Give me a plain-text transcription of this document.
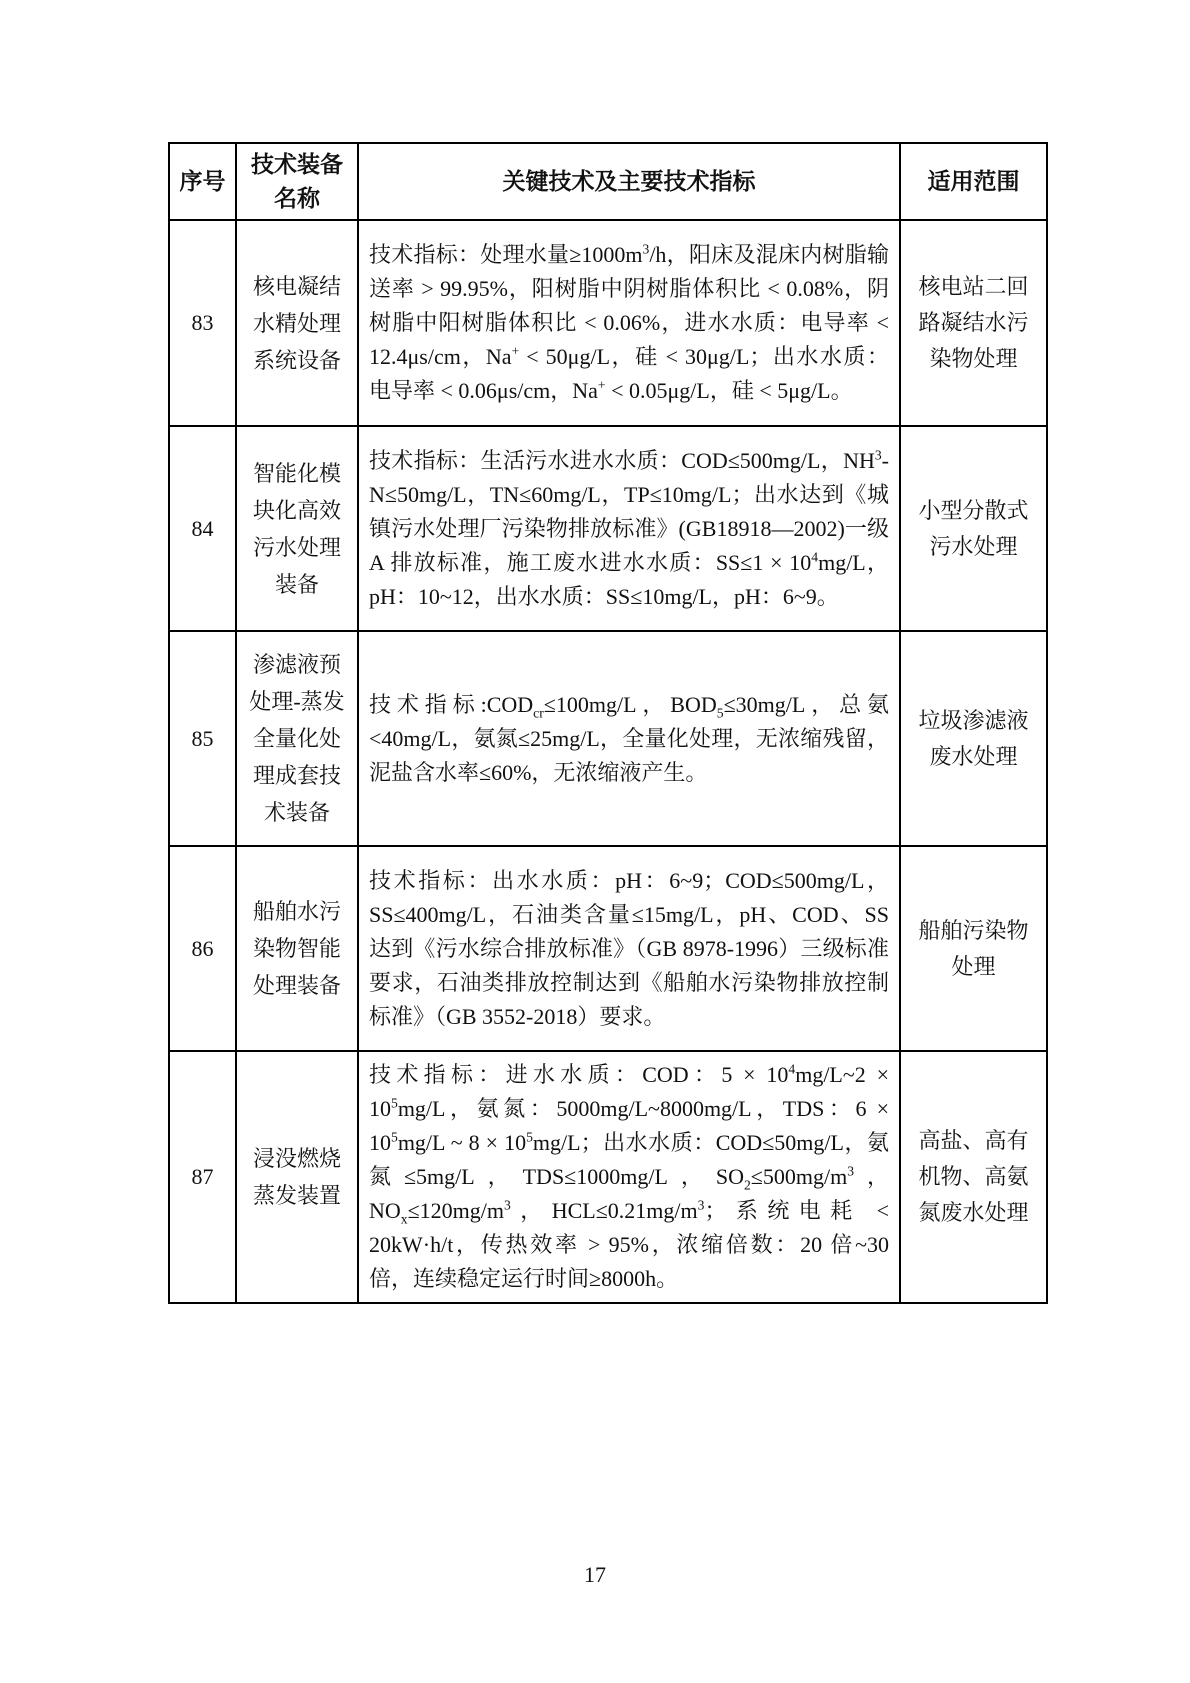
序号	技术装备名称	关键技术及主要技术指标	适用范围
83	核电凝结水精处理系统设备	技术指标：处理水量$\ge 1000m^3/h$，阳床及混床内树脂输送率 > 99.95%，阳树脂中阴树脂体积比 < 0.08%，阴树脂中阳树脂体积比 < 0.06%，进水水质：电导率 < 12.4μs/cm，Na+ < 50μg/L，硅 < 30μg/L；出水水质：电导率 < 0.06μs/cm，Na+ < 0.05μg/L，硅 < 5μg/L。	核电站二回路凝结水污染物处理
84	智能化模块化高效污水处理装备	技术指标：生活污水进水水质：COD≤500mg/L，$NH^3-N\le 50mg/L$，TN≤60mg/L，TP≤10mg/L；出水达到《城镇污水处理厂污染物排放标准》(GB18918—2002)一级 A 排放标准，施工废水进水水质：$SS\le 1 \times 10^4mg/L$，pH：10~12，出水水质：SS≤10mg/L，pH：6~9。	小型分散式污水处理
85	渗滤液预处理-蒸发全量化处理成套技术装备	技术指标$:COD_{cr}\le 100mg/L$，$BOD_5\le 30mg/L$，总氨<40mg/L，氨氮≤25mg/L，全量化处理，无浓缩残留，泥盐含水率≤60%，无浓缩液产生。	垃圾渗滤液废水处理
86	船舶水污染物智能处理装备	技术指标：出水水质：pH：6~9；COD≤500mg/L，SS≤400mg/L，石油类含量≤15mg/L，pH、COD、SS 达到《污水综合排放标准》（GB 8978-1996）三级标准要求，石油类排放控制达到《船舶水污染物排放控制标准》（GB 3552-2018）要求。	船舶污染物处理
87	浸没燃烧蒸发装置	技术指标：进水水质：COD：$5 \times 10^4mg/L\sim 2 \times 10^5mg/L$，氨氮：5000mg/L~8000mg/L，TDS：$6 \times 10^5mg/L$ ~ $8 \times 10^5mg/L$；出水水质：COD≤50mg/L，氨氮≤5mg/L，TDS≤1000mg/L，$SO_2\le 500mg/m^3$，$NO_x\le 120mg/m^3$，$HCL\le 0.21mg/m^3$；系统电耗 < 20kW·h/t，传热效率 > 95%，浓缩倍数：20 倍~30 倍，连续稳定运行时间≥8000h。	高盐、高有机物、高氨氮废水处理
17
